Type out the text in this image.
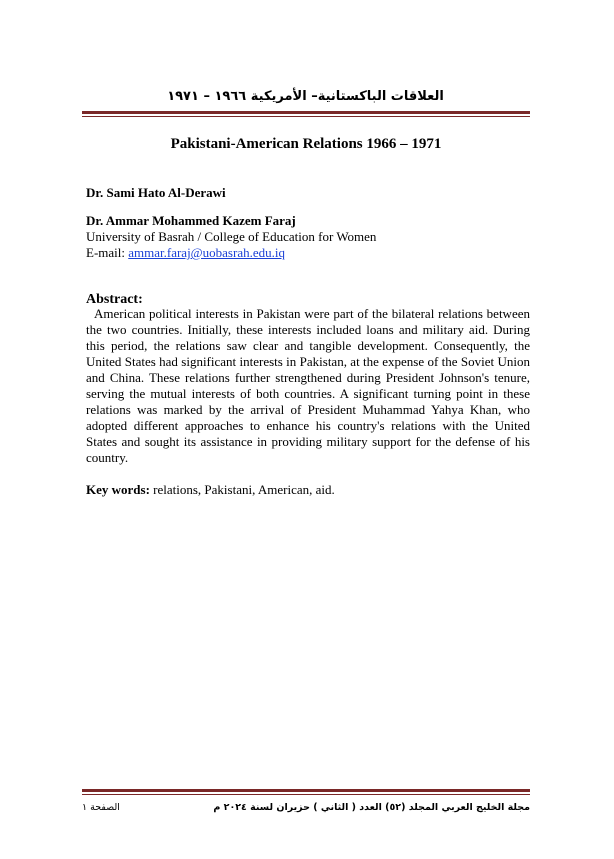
العلاقات الباكستانية– الأمريكية ١٩٦٦ – ١٩٧١
Pakistani-American Relations 1966 – 1971
Dr. Sami Hato Al-Derawi
Dr. Ammar Mohammed Kazem Faraj
University of Basrah / College of Education for Women
E-mail: ammar.faraj@uobasrah.edu.iq
Abstract:

American political interests in Pakistan were part of the bilateral relations between the two countries. Initially, these interests included loans and military aid. During this period, the relations saw clear and tangible development. Consequently, the United States had significant interests in Pakistan, at the expense of the Soviet Union and China. These relations further strengthened during President Johnson's tenure, serving the mutual interests of both countries. A significant turning point in these relations was marked by the arrival of President Muhammad Yahya Khan, who adopted different approaches to enhance his country's relations with the United States and sought its assistance in providing military support for the defense of his country.

Key words: relations, Pakistani, American, aid.
مجلة الخليج العربي المجلد (٥٢) العدد ( الثاني ) حزيران لسنة ٢٠٢٤ م
الصفحة ١
